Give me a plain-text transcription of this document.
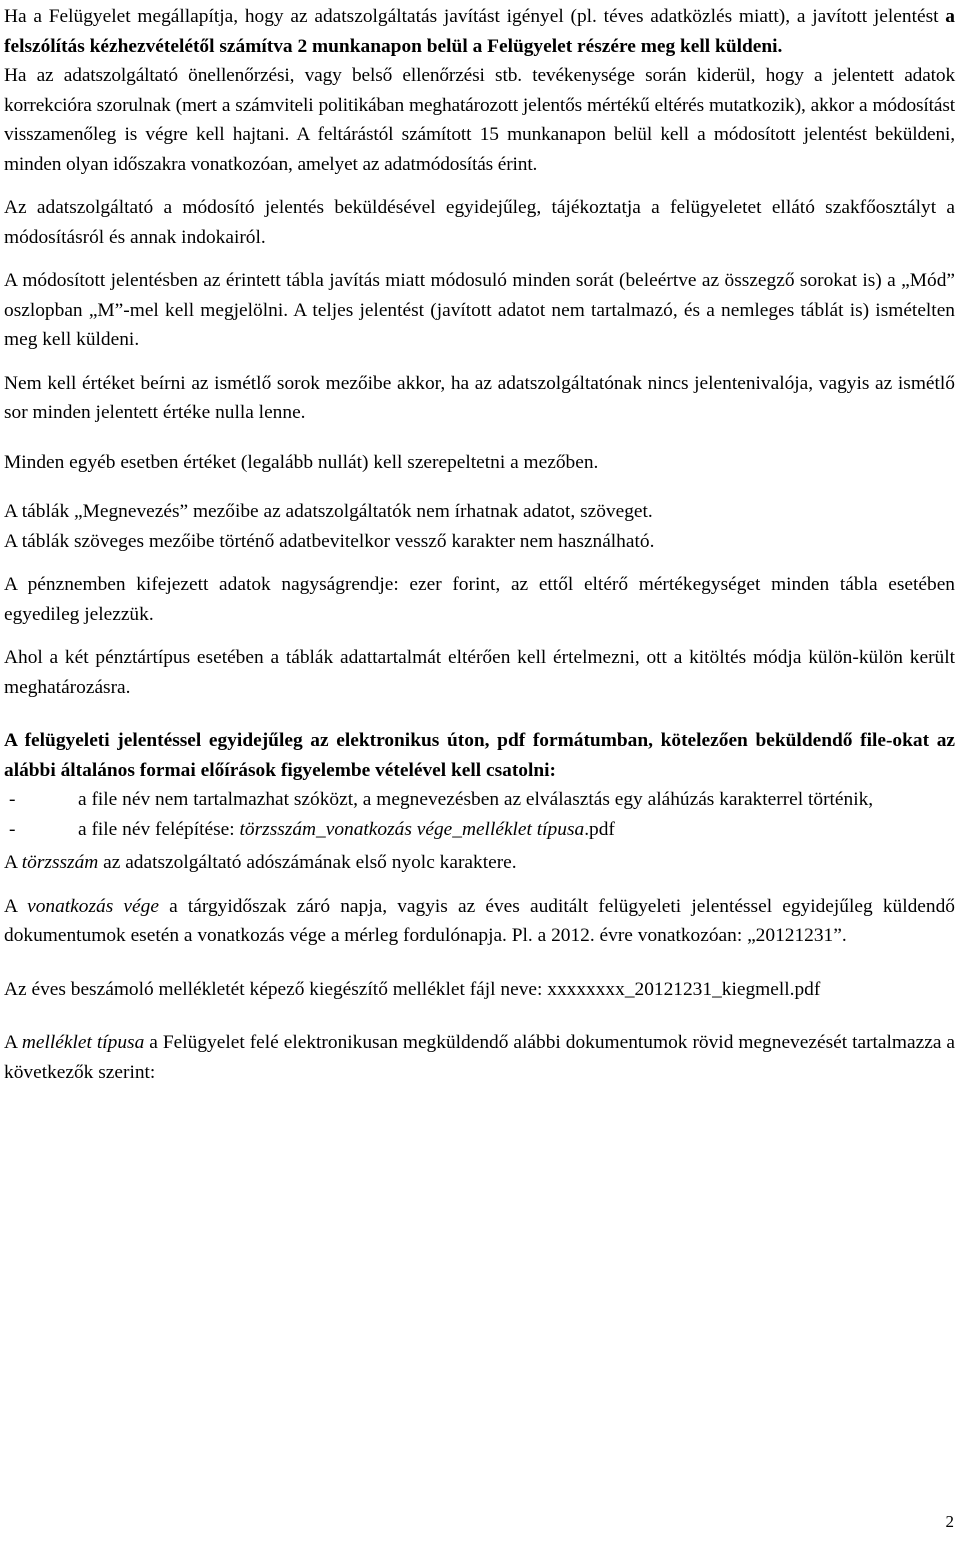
Ha a Felügyelet megállapítja, hogy az adatszolgáltatás javítást igényel (pl. téves adatközlés miatt), a javított jelentést a felszólítás kézhezvételétől számítva 2 munkanapon belül a Felügyelet részére meg kell küldeni.

Ha az adatszolgáltató önellenőrzési, vagy belső ellenőrzési stb. tevékenysége során kiderül, hogy a jelentett adatok korrekcióra szorulnak (mert a számviteli politikában meghatározott jelentős mértékű eltérés mutatkozik), akkor a módosítást visszamenőleg is végre kell hajtani. A feltárástól számított 15 munkanapon belül kell a módosított jelentést beküldeni, minden olyan időszakra vonatkozóan, amelyet az adatmódosítás érint.

Az adatszolgáltató a módosító jelentés beküldésével egyidejűleg, tájékoztatja a felügyeletet ellátó szakfőosztályt a módosításról és annak indokairól.

A módosított jelentésben az érintett tábla javítás miatt módosuló minden sorát (beleértve az összegző sorokat is) a „Mód” oszlopban „M”-mel kell megjelölni. A teljes jelentést (javított adatot nem tartalmazó, és a nemleges táblát is) ismételten meg kell küldeni.

Nem kell értéket beírni az ismétlő sorok mezőibe akkor, ha az adatszolgáltatónak nincs jelentenivalója, vagyis az ismétlő sor minden jelentett értéke nulla lenne.

Minden egyéb esetben értéket (legalább nullát) kell szerepeltetni a mezőben.

A táblák „Megnevezés” mezőibe az adatszolgáltatók nem írhatnak adatot, szöveget.

A táblák szöveges mezőibe történő adatbevitelkor vessző karakter nem használható.

A pénznemben kifejezett adatok nagyságrendje: ezer forint, az ettől eltérő mértékegységet minden tábla esetében egyedileg jelezzük.

Ahol a két pénztártípus esetében a táblák adattartalmát eltérően kell értelmezni, ott a kitöltés módja külön-külön került meghatározásra.

A felügyeleti jelentéssel egyidejűleg az elektronikus úton, pdf formátumban, kötelezően beküldendő file-okat az alábbi általános formai előírások figyelembe vételével kell csatolni:

-	a file név nem tartalmazhat szóközt, a megnevezésben az elválasztás egy aláhúzás karakterrel történik,
-	a file név felépítése: törzsszám_vonatkozás vége_melléklet típusa.pdf

A törzsszám az adatszolgáltató adószámának első nyolc karaktere.

A vonatkozás vége a tárgyidőszak záró napja, vagyis az éves auditált felügyeleti jelentéssel egyidejűleg küldendő dokumentumok esetén a vonatkozás vége a mérleg fordulónapja. Pl. a 2012. évre vonatkozóan: „20121231”.

Az éves beszámoló mellékletét képező kiegészítő melléklet fájl neve: xxxxxxxx_20121231_kiegmell.pdf

A melléklet típusa a Felügyelet felé elektronikusan megküldendő alábbi dokumentumok rövid megnevezését tartalmazza a következők szerint:

2
